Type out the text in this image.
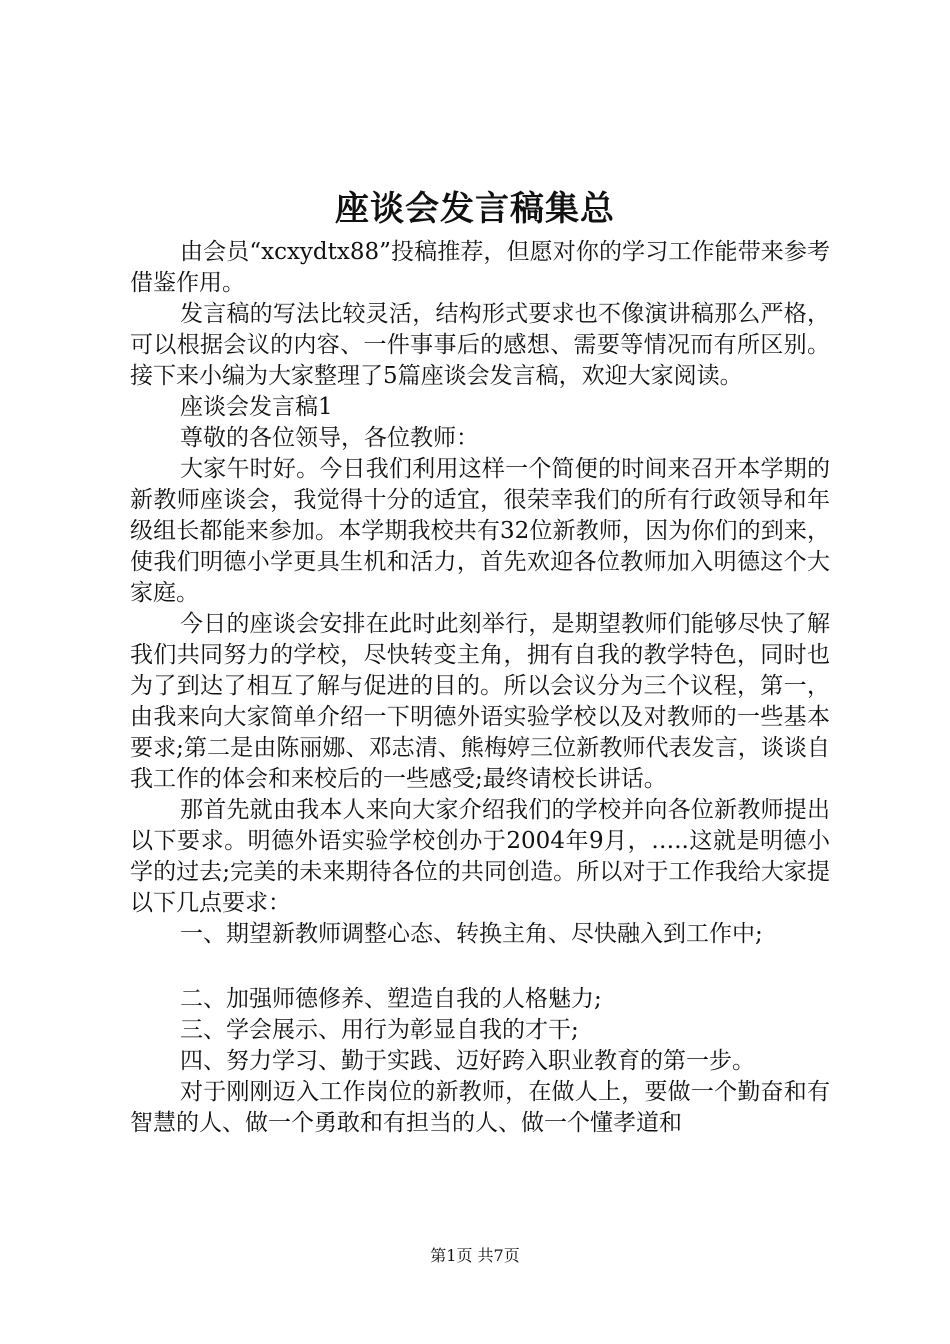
座谈会发言稿集总

由会员“xcxydtx88”投稿推荐，但愿对你的学习工作能带来参考借鉴作用。

发言稿的写法比较灵活，结构形式要求也不像演讲稿那么严格，可以根据会议的内容、一件事事后的感想、需要等情况而有所区别。接下来小编为大家整理了5篇座谈会发言稿，欢迎大家阅读。

座谈会发言稿1

尊敬的各位领导，各位教师：

大家午时好。今日我们利用这样一个简便的时间来召开本学期的新教师座谈会，我觉得十分的适宜，很荣幸我们的所有行政领导和年级组长都能来参加。本学期我校共有32位新教师，因为你们的到来，使我们明德小学更具生机和活力，首先欢迎各位教师加入明德这个大家庭。

今日的座谈会安排在此时此刻举行，是期望教师们能够尽快了解我们共同努力的学校，尽快转变主角，拥有自我的教学特色，同时也为了到达了相互了解与促进的目的。所以会议分为三个议程，第一，由我来向大家简单介绍一下明德外语实验学校以及对教师的一些基本要求;第二是由陈丽娜、邓志清、熊梅婷三位新教师代表发言，谈谈自我工作的体会和来校后的一些感受;最终请校长讲话。

那首先就由我本人来向大家介绍我们的学校并向各位新教师提出以下要求。明德外语实验学校创办于2004年9月，…..这就是明德小学的过去;完美的未来期待各位的共同创造。所以对于工作我给大家提以下几点要求：

一、期望新教师调整心态、转换主角、尽快融入到工作中;

二、加强师德修养、塑造自我的人格魅力;

三、学会展示、用行为彰显自我的才干;

四、努力学习、勤于实践、迈好跨入职业教育的第一步。

对于刚刚迈入工作岗位的新教师，在做人上，要做一个勤奋和有智慧的人、做一个勇敢和有担当的人、做一个懂孝道和

第1页 共7页
